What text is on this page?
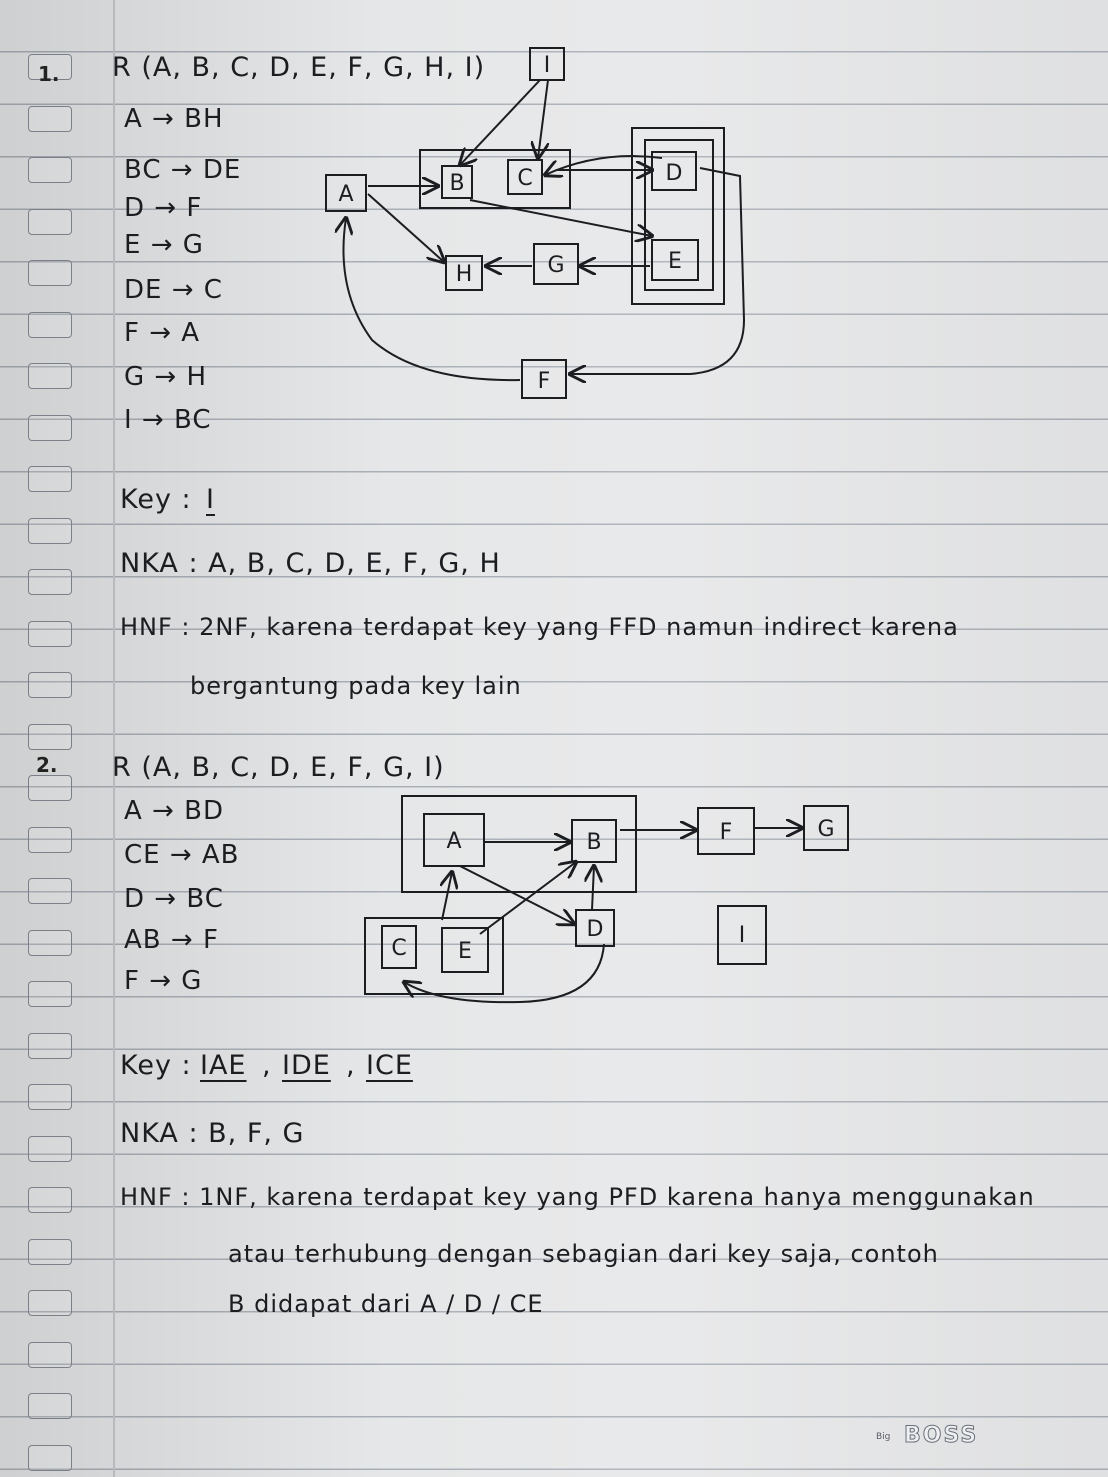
1. R (A, B, C, D, E, F, G, H, I)
A → BH
BC → DE
D → F
E → G
DE → C
F → A
G → H
I → BC
Key : I
NKA : A, B, C, D, E, F, G, H
HNF : 2NF, karena terdapat key yang FFD namun indirect karena
bergantung pada key lain
2. R (A, B, C, D, E, F, G, I)
A → BD
CE → AB
D → BC
AB → F
F → G
Key : IAE , IDE , ICE
NKA : B, F, G
HNF : 1NF, karena terdapat key yang PFD karena hanya menggunakan
atau terhubung dengan sebagian dari key saja, contoh
B didapat dari A / D / CE
I
A	B C	D
E
H	G
F
A	B	F	G
C E
D	I
Big BOSS
